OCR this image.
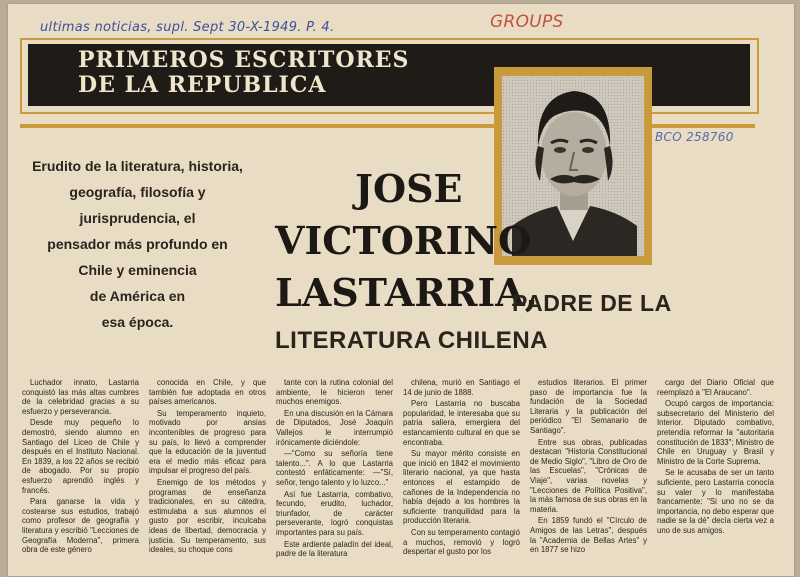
ultimas noticias, supl. Sept 30-X-1949. P. 4.	GROUPS
BCO 258760
PRIMEROS ESCRITORES
DE LA REPUBLICA
Erudito de la literatura, historia,
geografía, filosofía y
jurisprudencia, el
pensador más profundo en
Chile y eminencia
de América en
esa época.
JOSE
VICTORINO
LASTARRIA,
PADRE DE LA
LITERATURA CHILENA

Luchador innato, Lastarria conquistó las más altas cumbres de la celebridad gracias a su esfuerzo y perseverancia.

Desde muy pequeño lo demostró, siendo alumno en Santiago del Liceo de Chile y después en el Instituto Nacional. En 1839, a los 22 años se recibió de abogado. Por su propio esfuerzo aprendió inglés y francés.

Para ganarse la vida y costearse sus estudios, trabajó como profesor de geografía y literatura y escribió "Lecciones de Geografía Moderna", primera obra de este género

conocida en Chile, y que también fue adoptada en otros países americanos.

Su temperamento inquieto, motivado por ansias incontenibles de progreso para su país, lo llevó a comprender que la educación de la juventud era el medio más eficaz para impulsar el progreso del país.

Enemigo de los métodos y programas de enseñanza tradicionales, en su cátedra, estimulaba a sus alumnos el gusto por escribir, inculcaba ideas de libertad, democracia y justicia. Su temperamento, sus ideales, su choque cons

tante con la rutina colonial del ambiente, le hicieron tener muchos enemigos.

En una discusión en la Cámara de Diputados, José Joaquín Vallejos le interrumpió irónicamente diciéndole:

—"Como su señoría tiene talento...". A lo que Lastarria contestó enfáticamente: —"Sí, señor, tengo talento y lo luzco..."

Así fue Lastarria, combativo, fecundo, erudito, luchador, triunfador, de carácter perseverante, logró conquistas importantes para su país.

Este ardiente paladín del ideal, padre de la literatura

chilena, murió en Santiago el 14 de junio de 1888.

Pero Lastarria no buscaba popularidad, le interesaba que su patria saliera, emergiera del estancamiento cultural en que se encontraba.

Su mayor mérito consiste en que inició en 1842 el movimiento literario nacional, ya que hasta entonces el estampido de cañones de la Independencia no había dejado a los hombres la suficiente tranquilidad para la producción literaria.

Con su temperamento contagió a muchos, removió y logró despertar el gusto por los

estudios literarios. El primer paso de importancia fue la fundación de la Sociedad Literaria y la publicación del periódico "El Semanario de Santiago".

Entre sus obras, publicadas destacan "Historia Constitucional de Medio Siglo", "Libro de Oro de las Escuelas", "Crónicas de Viaje", varias novelas y "Lecciones de Política Positiva", la más famosa de sus obras en la materia.

En 1859 fundó el "Círculo de Amigos de las Letras", después la "Academia de Bellas Artes" y en 1877 se hizo

cargo del Diario Oficial que reemplazó a "El Araucano".

Ocupó cargos de importancia: subsecretario del Ministerio del Interior. Diputado combativo, pretendía reformar la "autoritaria constitución de 1833"; Ministro de Chile en Uruguay y Brasil y Ministro de la Corte Suprema.

Se le acusaba de ser un tanto suficiente, pero Lastarria conocía su valer y lo manifestaba francamente: "Si uno no se da importancia, no debo esperar que nadie se la dé" decía cierta vez a uno de sus amigos.
